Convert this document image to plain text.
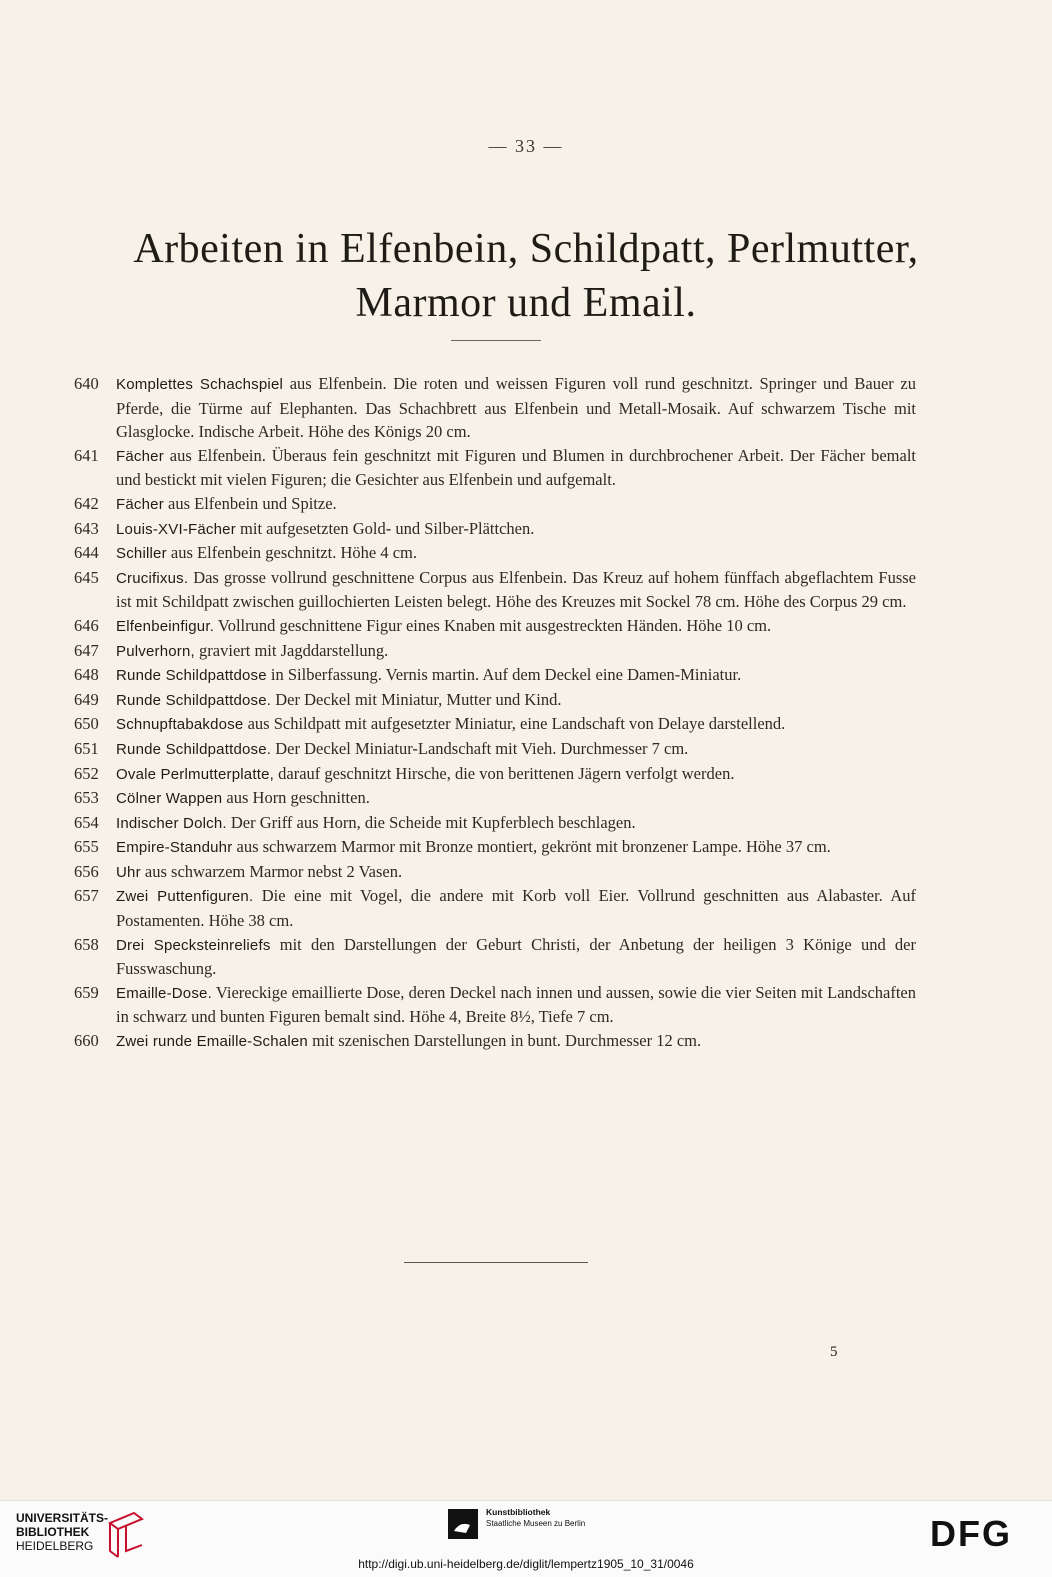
— 33 —
Arbeiten in Elfenbein, Schildpatt, Perlmutter,
Marmor und Email.
640	Komplettes Schachspiel aus Elfenbein. Die roten und weissen Figuren voll rund geschnitzt. Springer und Bauer zu Pferde, die Türme auf Elephanten. Das Schachbrett aus Elfenbein und Metall-Mosaik. Auf schwarzem Tische mit Glasglocke. Indische Arbeit. Höhe des Königs 20 cm.
641	Fächer aus Elfenbein. Überaus fein geschnitzt mit Figuren und Blumen in durchbrochener Arbeit. Der Fächer bemalt und bestickt mit vielen Figuren; die Gesichter aus Elfenbein und aufgemalt.
642	Fächer aus Elfenbein und Spitze.
643	Louis-XVI-Fächer mit aufgesetzten Gold- und Silber-Plättchen.
644	Schiller aus Elfenbein geschnitzt. Höhe 4 cm.
645	Crucifixus. Das grosse vollrund geschnittene Corpus aus Elfenbein. Das Kreuz auf hohem fünffach abgeflachtem Fusse ist mit Schildpatt zwischen guillochierten Leisten belegt. Höhe des Kreuzes mit Sockel 78 cm. Höhe des Corpus 29 cm.
646	Elfenbeinfigur. Vollrund geschnittene Figur eines Knaben mit ausgestreckten Händen. Höhe 10 cm.
647	Pulverhorn, graviert mit Jagddarstellung.
648	Runde Schildpattdose in Silberfassung. Vernis martin. Auf dem Deckel eine Damen-Miniatur.
649	Runde Schildpattdose. Der Deckel mit Miniatur, Mutter und Kind.
650	Schnupftabakdose aus Schildpatt mit aufgesetzter Miniatur, eine Landschaft von Delaye darstellend.
651	Runde Schildpattdose. Der Deckel Miniatur-Landschaft mit Vieh. Durchmesser 7 cm.
652	Ovale Perlmutterplatte, darauf geschnitzt Hirsche, die von berittenen Jägern verfolgt werden.
653	Cölner Wappen aus Horn geschnitten.
654	Indischer Dolch. Der Griff aus Horn, die Scheide mit Kupferblech beschlagen.
655	Empire-Standuhr aus schwarzem Marmor mit Bronze montiert, gekrönt mit bronzener Lampe. Höhe 37 cm.
656	Uhr aus schwarzem Marmor nebst 2 Vasen.
657	Zwei Puttenfiguren. Die eine mit Vogel, die andere mit Korb voll Eier. Vollrund geschnitten aus Alabaster. Auf Postamenten. Höhe 38 cm.
658	Drei Specksteinreliefs mit den Darstellungen der Geburt Christi, der Anbetung der heiligen 3 Könige und der Fusswaschung.
659	Emaille-Dose. Viereckige emaillierte Dose, deren Deckel nach innen und aussen, sowie die vier Seiten mit Landschaften in schwarz und bunten Figuren bemalt sind. Höhe 4, Breite 8½, Tiefe 7 cm.
660	Zwei runde Emaille-Schalen mit szenischen Darstellungen in bunt. Durchmesser 12 cm.
5
UNIVERSITÄTS-
BIBLIOTHEK
HEIDELBERG
Kunstbibliothek
Staatliche Museen zu Berlin	DFG
http://digi.ub.uni-heidelberg.de/diglit/lempertz1905_10_31/0046
